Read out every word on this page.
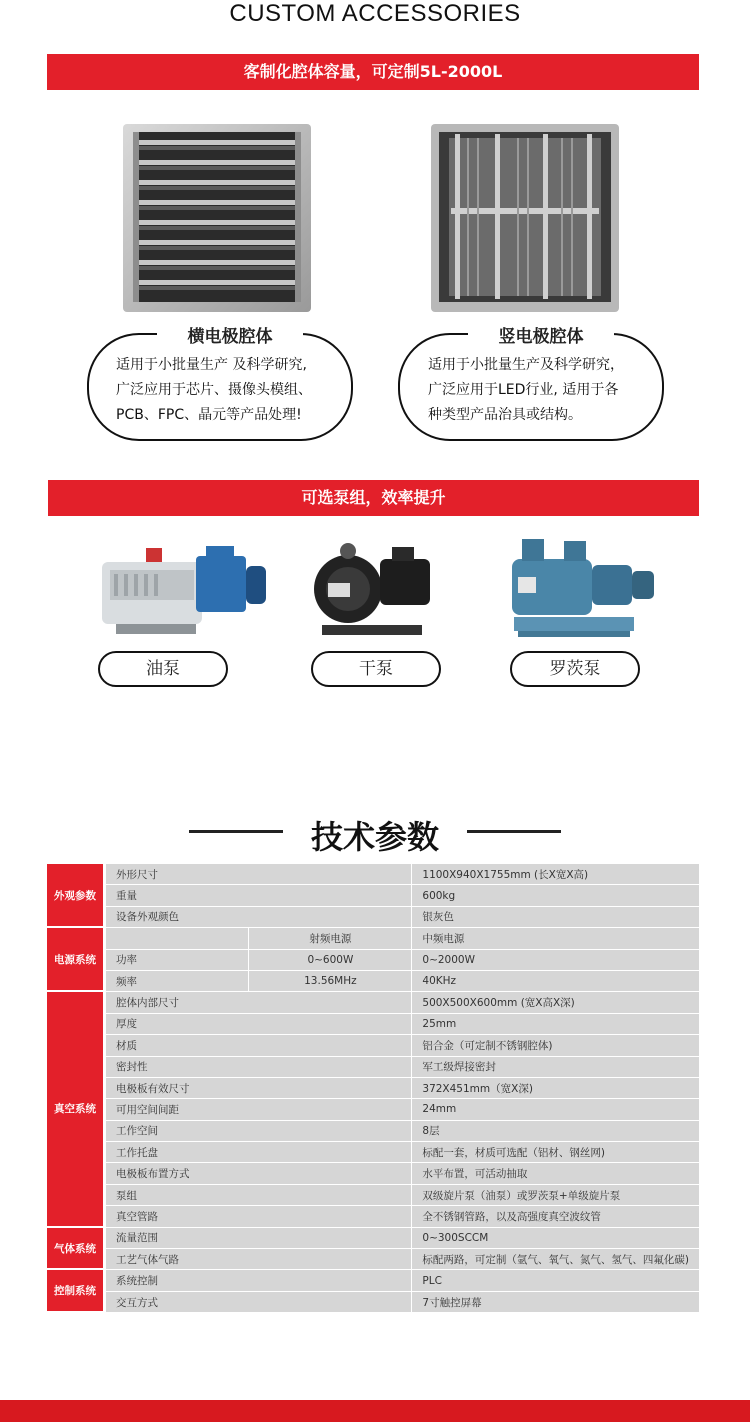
CUSTOM ACCESSORIES
客制化腔体容量，可定制5L-2000L
横电极腔体
适用于小批量生产 及科学研究,
广泛应用于芯片、摄像头模组、
PCB、FPC、晶元等产品处理!
竖电极腔体
适用于小批量生产及科学研究，
广泛应用于LED行业, 适用于各
种类型产品治具或结构。
可选泵组，效率提升
油泵	干泵	罗茨泵
技术参数
外观参数	外形尺寸		1100X940X1755mm (长X宽X高)
	重量		600kg
	设备外观颜色		银灰色
电源系统		射频电源	中频电源
	功率	0~600W	0~2000W
	频率	13.56MHz	40KHz
真空系统	腔体内部尺寸		500X500X600mm (宽X高X深)
	厚度		25mm
	材质		铝合金（可定制不锈钢腔体)
	密封性		军工级焊接密封
	电极板有效尺寸		372X451mm（宽X深)
	可用空间间距		24mm
	工作空间		8层
	工作托盘		标配一套，材质可选配（铝材、钢丝网)
	电极板布置方式		水平布置，可活动抽取
	泵组		双级旋片泵（油泵）或罗茨泵+单级旋片泵
	真空管路		全不锈钢管路，以及高强度真空波纹管
气体系统	流量范围		0~300SCCM
	工艺气体气路		标配两路，可定制（氩气、氧气、氮气、氢气、四氟化碳)
控制系统	系统控制		PLC
	交互方式		7寸触控屏幕
